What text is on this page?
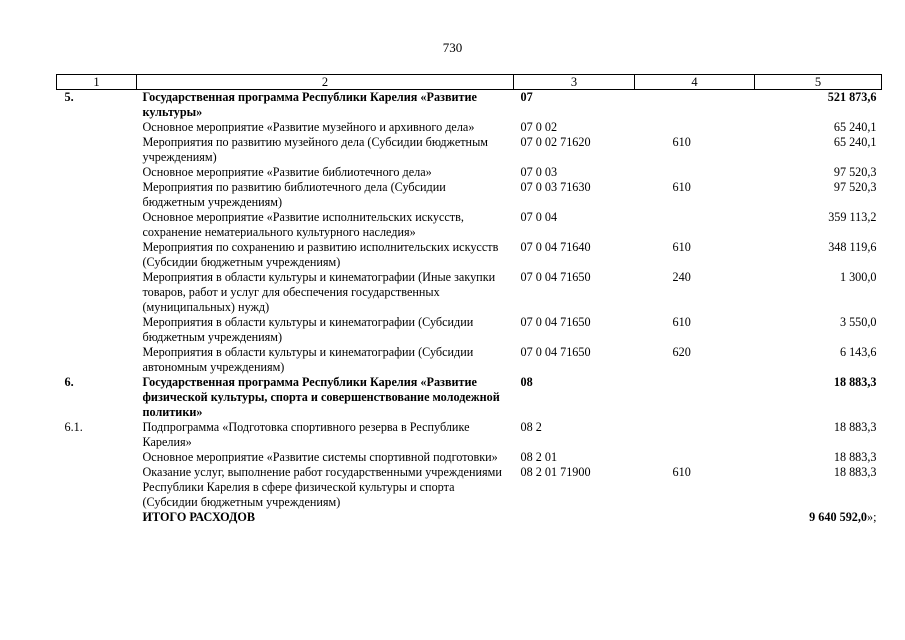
730
1	2	3	4	5
5.	Государственная программа Республики Карелия «Развитие культуры»	07		521 873,6
	Основное мероприятие «Развитие музейного и архивного дела»	07 0 02		65 240,1
	Мероприятия по развитию музейного дела (Субсидии бюджетным учреждениям)	07 0 02 71620	610	65 240,1
	Основное мероприятие «Развитие библиотечного дела»	07 0 03		97 520,3
	Мероприятия по развитию библиотечного дела (Субсидии бюджетным учреждениям)	07 0 03 71630	610	97 520,3
	Основное мероприятие «Развитие исполнительских искусств, сохранение нематериального культурного наследия»	07 0 04		359 113,2
	Мероприятия по сохранению и развитию исполнительских искусств (Субсидии бюджетным учреждениям)	07 0 04 71640	610	348 119,6
	Мероприятия в области культуры и кинематографии (Иные закупки товаров, работ и услуг для обеспечения государственных (муниципальных) нужд)	07 0 04 71650	240	1 300,0
	Мероприятия в области культуры и кинематографии (Субсидии бюджетным учреждениям)	07 0 04 71650	610	3 550,0
	Мероприятия в области культуры и кинематографии (Субсидии автономным учреждениям)	07 0 04 71650	620	6 143,6
6.	Государственная программа Республики Карелия «Развитие физической культуры, спорта и совершенствование молодежной политики»	08		18 883,3
6.1.	Подпрограмма «Подготовка спортивного резерва в Республике Карелия»	08 2		18 883,3
	Основное мероприятие «Развитие системы спортивной подготовки»	08 2 01		18 883,3
	Оказание услуг, выполнение работ государственными учреждениями Республики Карелия в сфере физической культуры и спорта (Субсидии бюджетным учреждениям)	08 2 01 71900	610	18 883,3
	ИТОГО РАСХОДОВ			9 640 592,0»;
